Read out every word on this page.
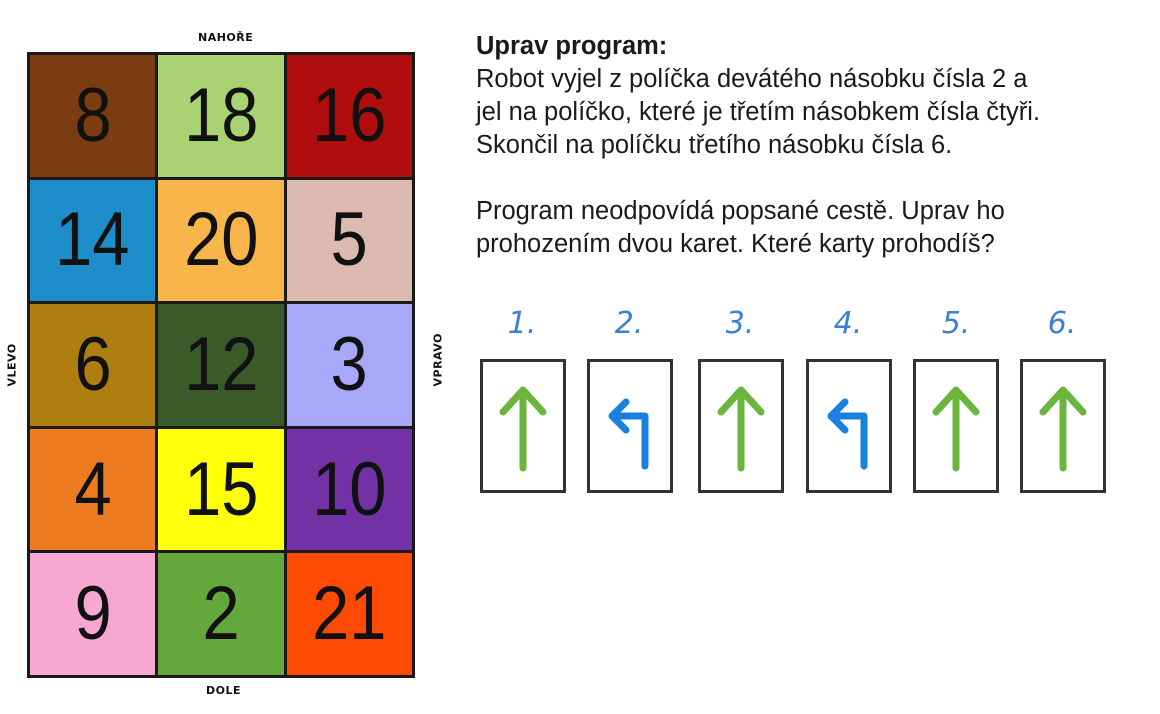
NAHOŘE
DOLE
VLEVO	VPRAVO
8 18 16
14 20 5
6 12 3
4 15 10
9 2 21

Uprav program:

Robot vyjel z políčka devátého násobku čísla 2 a

jel na políčko, které je třetím násobkem čísla čtyři.

Skončil na políčku třetího násobku čísla 6.

Program neodpovídá popsané cestě. Uprav ho

prohozením dvou karet. Které karty prohodíš?

1.	2.	3.	4.	5.	6.
